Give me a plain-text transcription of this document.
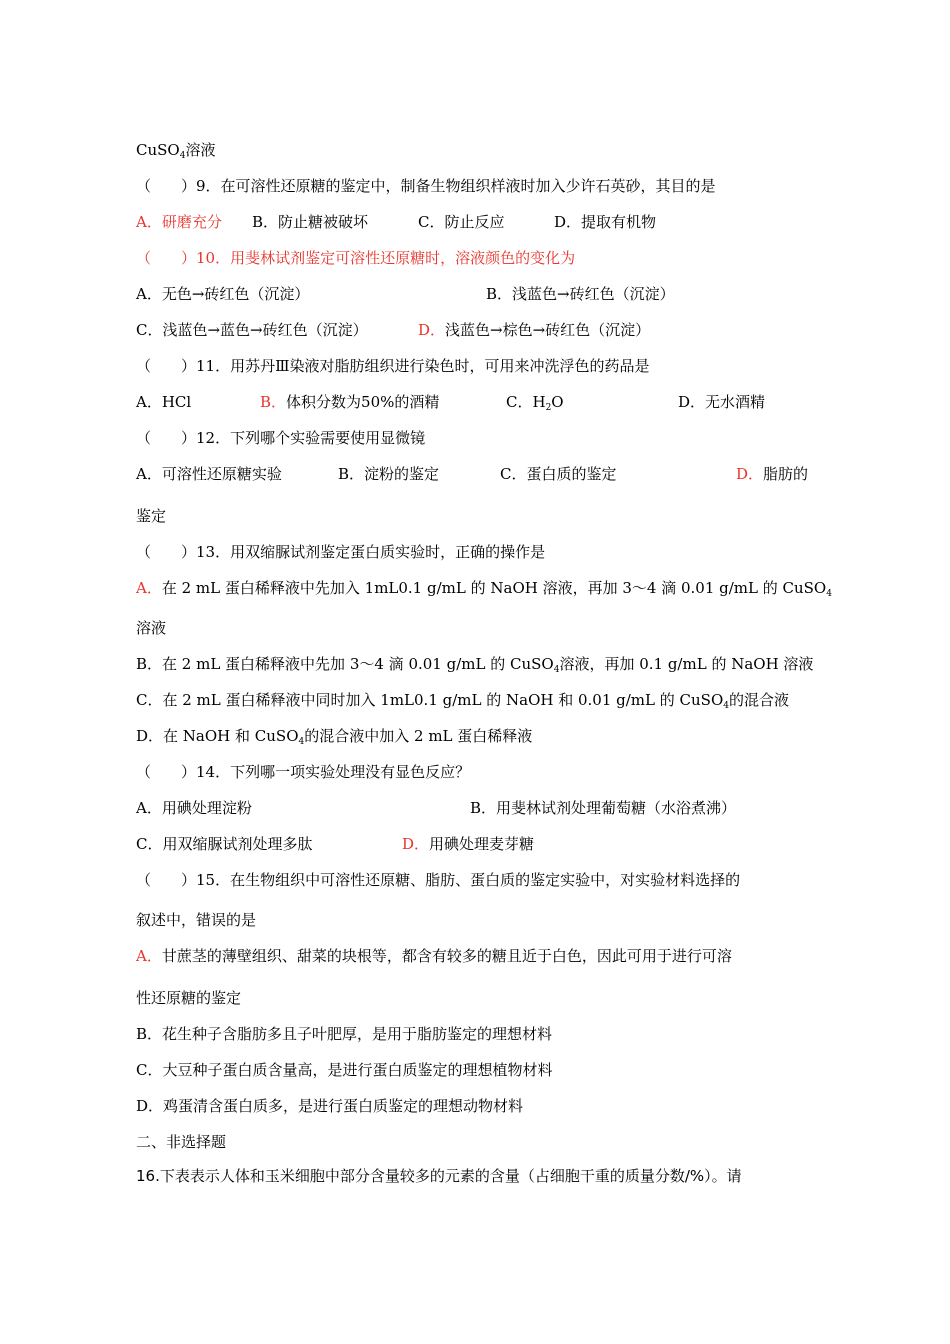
CuSO$_4$溶液
（　　）9．在可溶性还原糖的鉴定中，制备生物组织样液时加入少许石英砂，其目的是
A．研磨充分 B．防止糖被破坏	C．防止反应	D．提取有机物
（　　）10．用斐林试剂鉴定可溶性还原糖时，溶液颜色的变化为
A．无色→砖红色（沉淀）	B．浅蓝色→砖红色（沉淀）
C．浅蓝色→蓝色→砖红色（沉淀）	D．浅蓝色→棕色→砖红色（沉淀）
（　　）11．用苏丹Ⅲ染液对脂肪组织进行染色时，可用来冲洗浮色的药品是
A．HCl	B．体积分数为50%的酒精	C．$H_2O$	D．无水酒精
（　　）12．下列哪个实验需要使用显微镜
A．可溶性还原糖实验	B．淀粉的鉴定	C．蛋白质的鉴定	D．脂肪的
鉴定
（　　）13．用双缩脲试剂鉴定蛋白质实验时，正确的操作是
A．在 2 mL 蛋白稀释液中先加入 1mL0.1 g/mL 的 NaOH 溶液，再加 3～4 滴 0.01 g/mL 的 CuSO$_4$
溶液
B．在 2 mL 蛋白稀释液中先加 3～4 滴 0.01 g/mL 的 CuSO$_4$溶液，再加 0.1 g/mL 的 NaOH 溶液
C．在 2 mL 蛋白稀释液中同时加入 1mL0.1 g/mL 的 NaOH 和 0.01 g/mL 的 CuSO$_4$的混合液
D．在 NaOH 和 CuSO$_4$的混合液中加入 2 mL 蛋白稀释液
（　　）14．下列哪一项实验处理没有显色反应？
A．用碘处理淀粉	B．用斐林试剂处理葡萄糖（水浴煮沸）
C．用双缩脲试剂处理多肽	D．用碘处理麦芽糖
（　　）15．在生物组织中可溶性还原糖、脂肪、蛋白质的鉴定实验中，对实验材料选择的
叙述中，错误的是
A．甘蔗茎的薄壁组织、甜菜的块根等，都含有较多的糖且近于白色，因此可用于进行可溶
性还原糖的鉴定
B．花生种子含脂肪多且子叶肥厚，是用于脂肪鉴定的理想材料
C．大豆种子蛋白质含量高，是进行蛋白质鉴定的理想植物材料
D．鸡蛋清含蛋白质多，是进行蛋白质鉴定的理想动物材料
二、非选择题
16.下表表示人体和玉米细胞中部分含量较多的元素的含量（占细胞干重的质量分数/%）。请
